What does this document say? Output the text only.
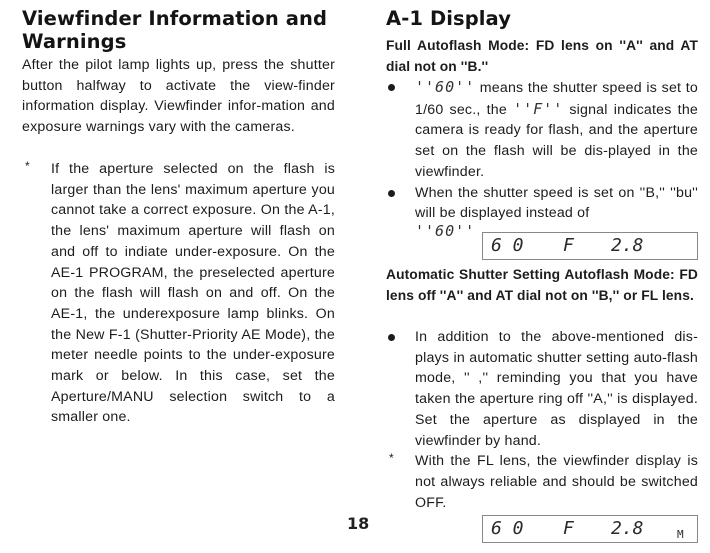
Viewfinder Information and Warnings

After the pilot lamp lights up, press the shutter button halfway to activate the view-finder information display. Viewfinder infor-mation and exposure warnings vary with the cameras.

*	If the aperture selected on the flash is larger than the lens' maximum aperture you cannot take a correct exposure. On the A-1, the lens' maximum aperture will flash on and off to indiate under-exposure. On the AE-1 PROGRAM, the preselected aperture on the flash will flash on and off. On the AE-1, the underexposure lamp blinks. On the New F-1 (Shutter-Priority AE Mode), the meter needle points to the under-exposure mark or below. In this case, set the Aperture/MANU selection switch to a smaller one.
A-1 Display

Full Autoflash Mode: FD lens on ''A'' and AT dial not on ''B.''

''60'' means the shutter speed is set to 1/60 sec., the ''F'' signal indicates the camera is ready for flash, and the aperture set on the flash will be dis-played in the viewfinder.
When the shutter speed is set on ''B,'' ''bu'' will be displayed instead of

Automatic Shutter Setting Autoflash Mode: FD lens off ''A'' and AT dial not on ''B,'' or FL lens.

In addition to the above-mentioned dis-plays in automatic shutter setting auto-flash mode, '' ,'' reminding you that you have taken the aperture ring off ''A,'' is displayed. Set the aperture as displayed in the viewfinder by hand.
*	With the FL lens, the viewfinder display is not always reliable and should be switched OFF.
''60''
6 0 F 2.8
6 0 F 2.8	M
18
